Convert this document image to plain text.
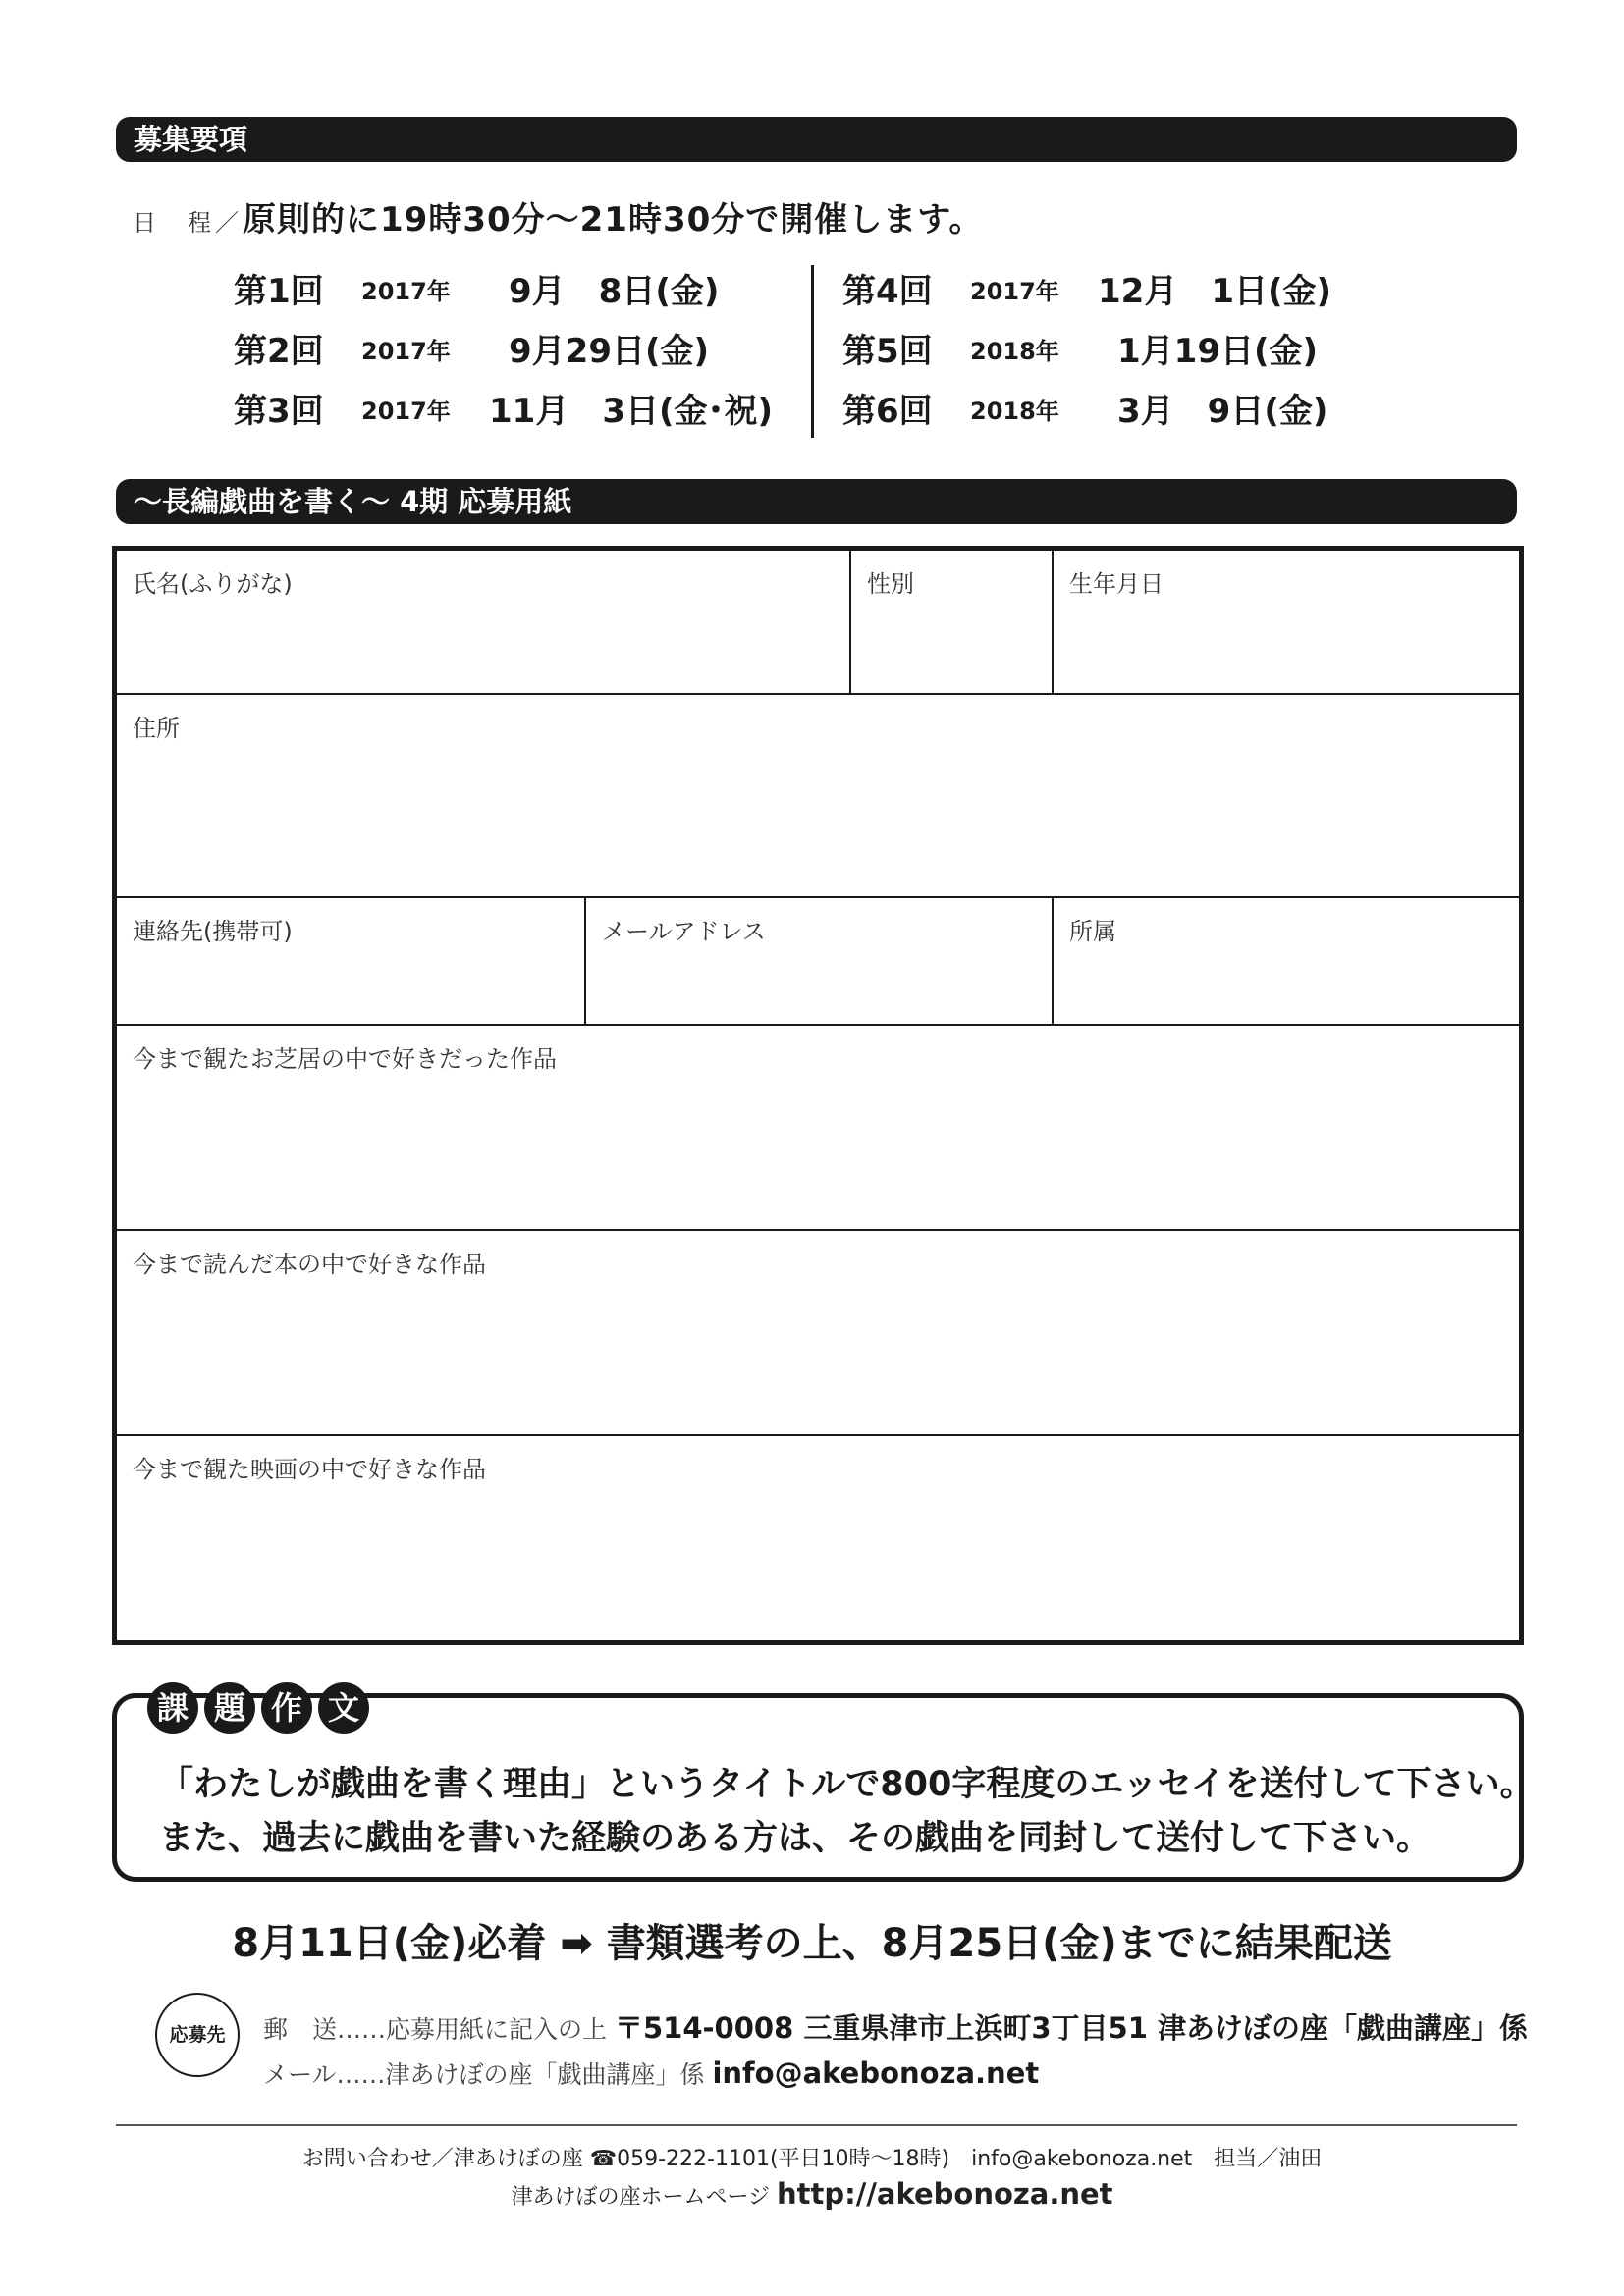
募集要項
日　程／原則的に19時30分〜21時30分で開催します。
第1回 2017年 9月　8日(金)
第2回 2017年 9月29日(金)
第3回 2017年 11月　3日(金･祝)
第4回 2017年 12月　1日(金)
第5回 2018年 1月19日(金)
第6回 2018年 3月　9日(金)
〜長編戯曲を書く〜 4期 応募用紙
氏名(ふりがな)	性別	生年月日
住所
連絡先(携帯可)	メールアドレス	所属
今まで観たお芝居の中で好きだった作品
今まで読んだ本の中で好きな作品
今まで観た映画の中で好きな作品
課 題 作 文
「わたしが戯曲を書く理由」というタイトルで800字程度のエッセイを送付して下さい。
また、過去に戯曲を書いた経験のある方は、その戯曲を同封して送付して下さい。
8月11日(金)必着 ➡ 書類選考の上、8月25日(金)までに結果配送
応募先	郵　送……応募用紙に記入の上 〒514-0008 三重県津市上浜町3丁目51 津あけぼの座「戯曲講座」係
メール……津あけぼの座「戯曲講座」係 info@akebonoza.net
お問い合わせ／津あけぼの座 ☎059-222-1101(平日10時〜18時)　info@akebonoza.net　担当／油田
津あけぼの座ホームページ http://akebonoza.net
